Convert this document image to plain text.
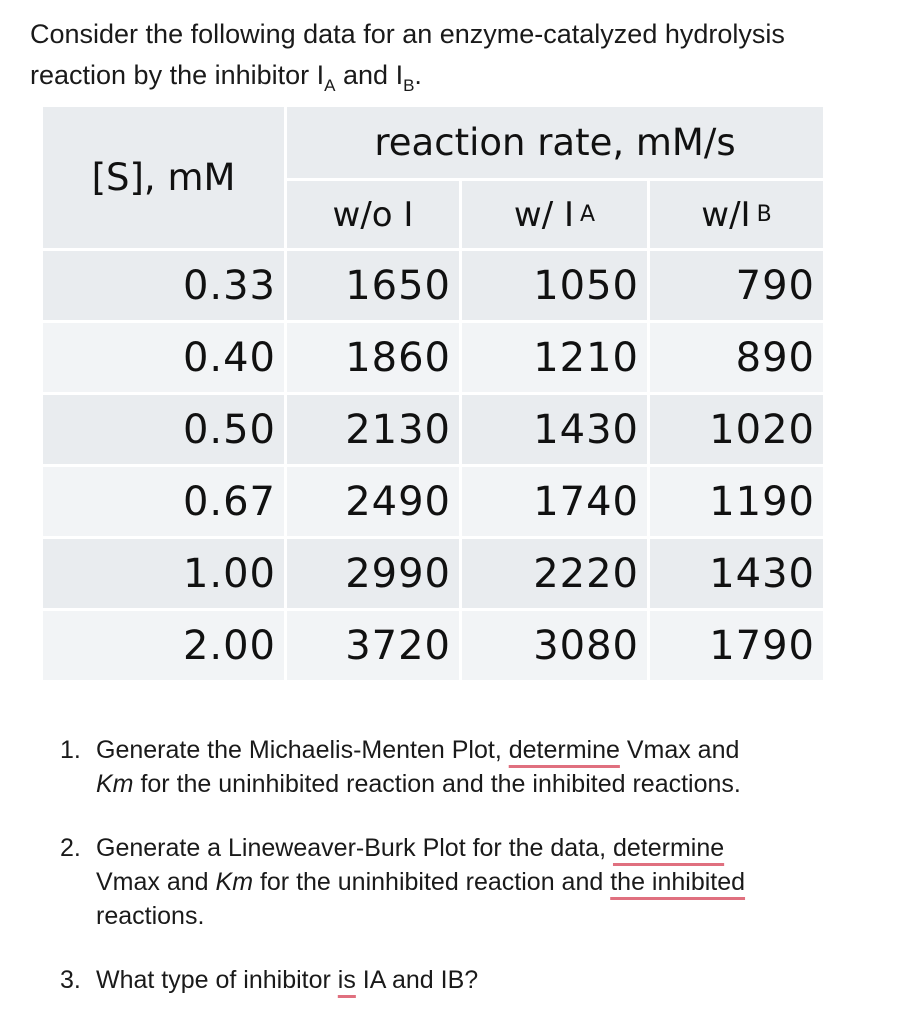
Consider the following data for an enzyme-catalyzed hydrolysis
reaction by the inhibitor $I_A$ and $I_B$.
[S], mM
reaction rate, mM/s
w/o I	w/ I A	w/I B
0.33	1650	1050	790
0.40	1860	1210	890
0.50	2130	1430	1020
0.67	2490	1740	1190
1.00	2990	2220	1430
2.00	3720	3080	1790
1. Generate the Michaelis-Menten Plot, determine Vmax and
Km for the uninhibited reaction and the inhibited reactions.
2. Generate a Lineweaver-Burk Plot for the data, determine
Vmax and Km for the uninhibited reaction and the inhibited
reactions.
3. What type of inhibitor is IA and IB?
